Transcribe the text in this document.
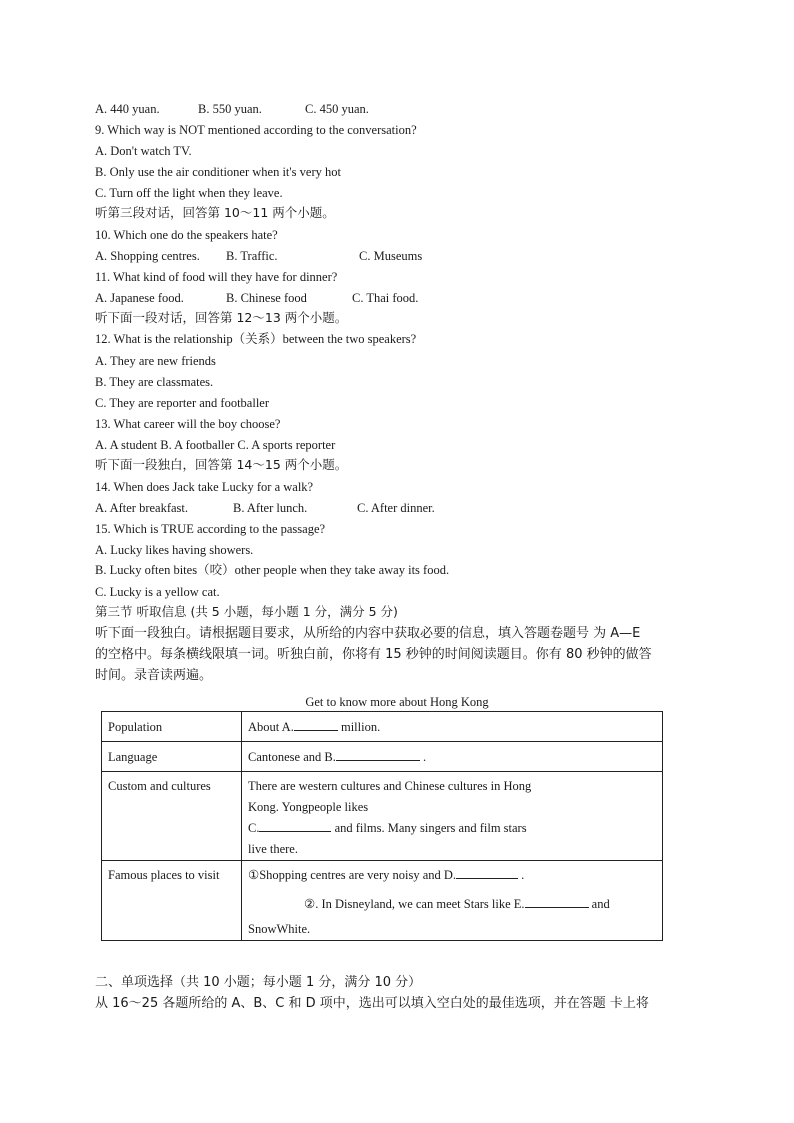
A. 440 yuan.	B. 550 yuan.	C. 450 yuan.
9. Which way is NOT mentioned according to the conversation?
A. Don't watch TV.
B. Only use the air conditioner when it's very hot
C. Turn off the light when they leave.
听第三段对话，回答第 10～11 两个小题。
10. Which one do the speakers hate?
A. Shopping centres. B. Traffic.	C. Museums
11. What kind of food will they have for dinner?
A. Japanese food.	B. Chinese food	C. Thai food.
听下面一段对话，回答第 12～13 两个小题。
12. What is the relationship（关系）between the two speakers?
A. They are new friends
B. They are classmates.
C. They are reporter and footballer
13. What career will the boy choose?
A. A student B. A footballer C. A sports reporter
听下面一段独白，回答第 14～15 两个小题。
14. When does Jack take Lucky for a walk?
A. After breakfast.	B. After lunch.	C. After dinner.
15. Which is TRUE according to the passage?
A. Lucky likes having showers.
B. Lucky often bites（咬）other people when they take away its food.
C. Lucky is a yellow cat.
第三节 听取信息 (共 5 小题，每小题 1 分，满分 5 分)
听下面一段独白。请根据题目要求，从所给的内容中获取必要的信息，填入答题卷题号 为 A—E
的空格中。每条横线限填一词。听独白前，你将有 15 秒钟的时间阅读题目。你有 80 秒钟的做答
时间。录音读两遍。
Get to know more about Hong Kong
Population	About A. million.
Language	Cantonese and B. .
Custom and cultures	There are western cultures and Chinese cultures in Hong
Kong. Yongpeople likes
C. and films. Many singers and film stars
live there.

Famous places to visit	①Shopping centres are very noisy and D. .
②. In Disneyland, we can meet Stars like E. and
SnowWhite.
二、单项选择（共 10 小题；每小题 1 分，满分 10 分）
从 16～25 各题所给的 A、B、C 和 D 项中，选出可以填入空白处的最佳选项，并在答题 卡上将
